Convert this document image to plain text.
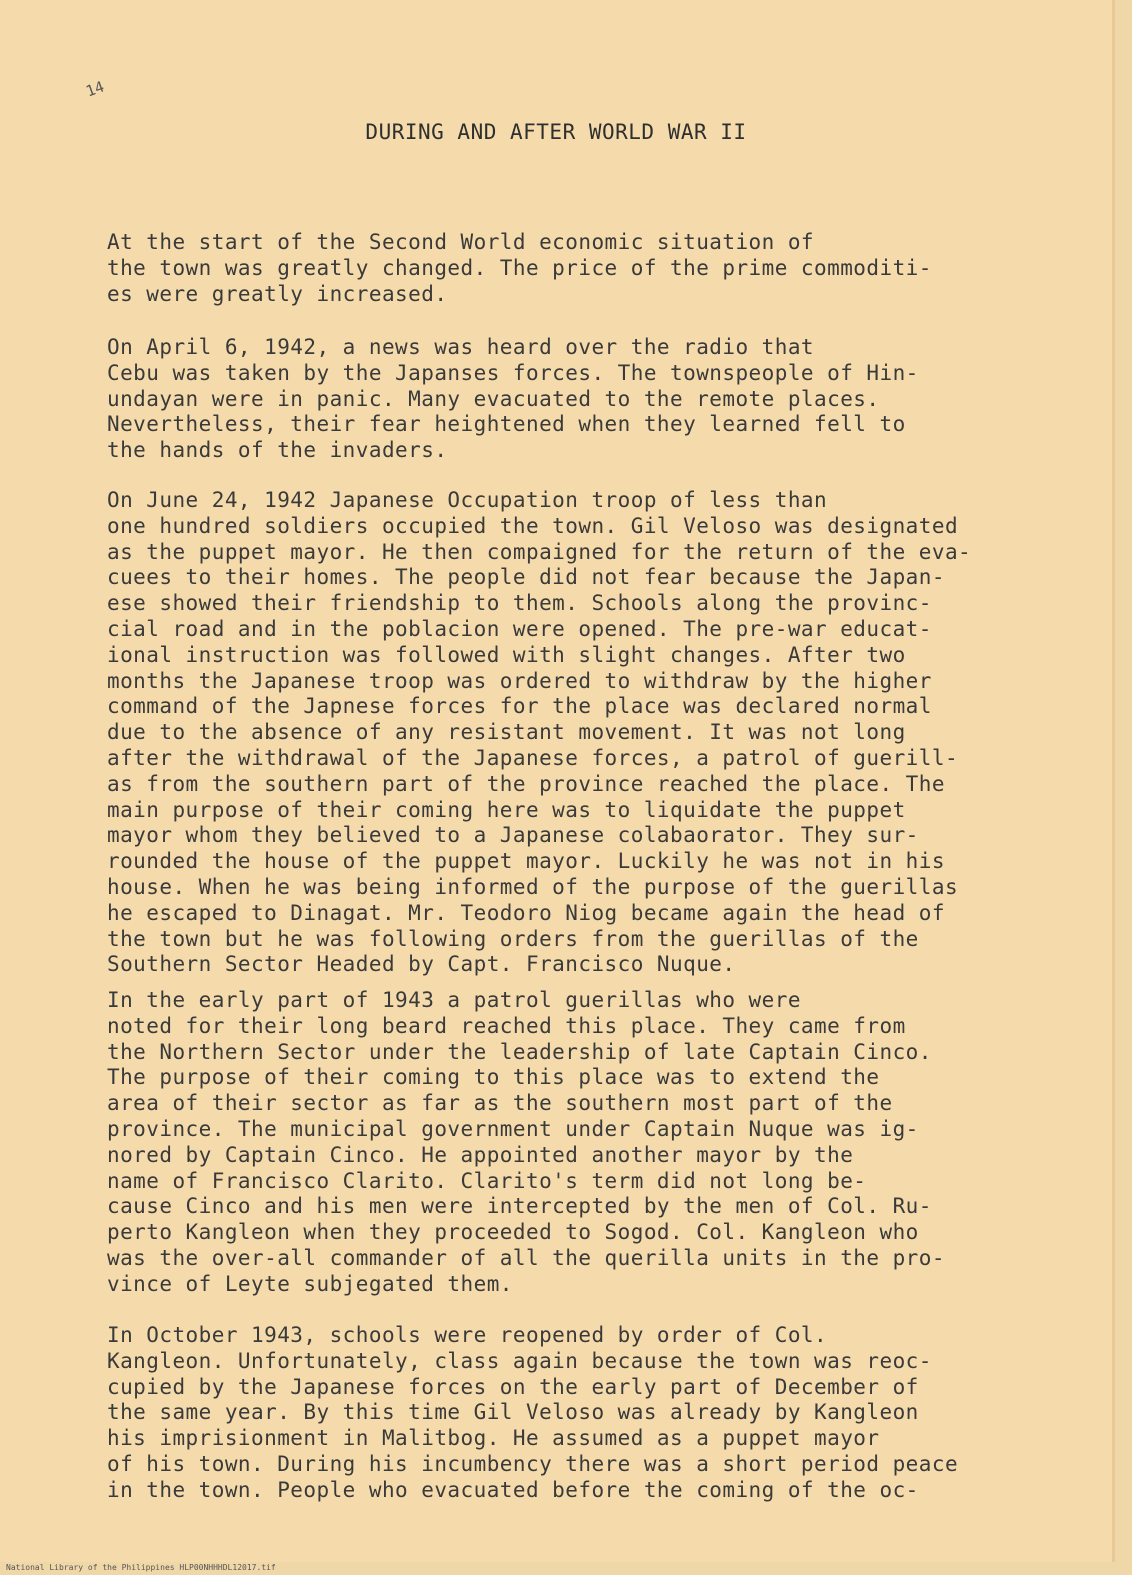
14
DURING AND AFTER WORLD WAR II
At the start of the Second World economic situation of
the town was greatly changed. The price of the prime commoditi-
es were greatly increased.
On April 6, 1942, a news was heard over the radio that
Cebu was taken by the Japanses forces. The townspeople of Hin-
undayan were in panic. Many evacuated to the remote places.
Nevertheless, their fear heightened when they learned fell to
the hands of the invaders.
On June 24, 1942 Japanese Occupation troop of less than
one hundred soldiers occupied the town. Gil Veloso was designated
as the puppet mayor. He then compaigned for the return of the eva-
cuees to their homes. The people did not fear because the Japan-
ese showed their friendship to them. Schools along the provinc-
cial road and in the poblacion were opened. The pre-war educat-
ional instruction was followed with slight changes. After two
months the Japanese troop was ordered to withdraw by the higher
command of the Japnese forces for the place was declared normal
due to the absence of any resistant movement. It was not long
after the withdrawal of the Japanese forces, a patrol of guerill-
as from the southern part of the province reached the place. The
main purpose of their coming here was to liquidate the puppet
mayor whom they believed to a Japanese colabaorator. They sur-
rounded the house of the puppet mayor. Luckily he was not in his
house. When he was being informed of the purpose of the guerillas
he escaped to Dinagat. Mr. Teodoro Niog became again the head of
the town but he was following orders from the guerillas of the
Southern Sector Headed by Capt. Francisco Nuque.
In the early part of 1943 a patrol guerillas who were
noted for their long beard reached this place. They came from
the Northern Sector under the leadership of late Captain Cinco.
The purpose of their coming to this place was to extend the
area of their sector as far as the southern most part of the
province. The municipal government under Captain Nuque was ig-
nored by Captain Cinco. He appointed another mayor by the
name of Francisco Clarito. Clarito's term did not long be-
cause Cinco and his men were intercepted by the men of Col. Ru-
perto Kangleon when they proceeded to Sogod. Col. Kangleon who
was the over-all commander of all the querilla units in the pro-
vince of Leyte subjegated them.
In October 1943, schools were reopened by order of Col.
Kangleon. Unfortunately, class again because the town was reoc-
cupied by the Japanese forces on the early part of December of
the same year. By this time Gil Veloso was already by Kangleon
his imprisionment in Malitbog. He assumed as a puppet mayor
of his town. During his incumbency there was a short period peace
in the town. People who evacuated before the coming of the oc-
National Library of the Philippines HLP00NHHHDL12017.tif
